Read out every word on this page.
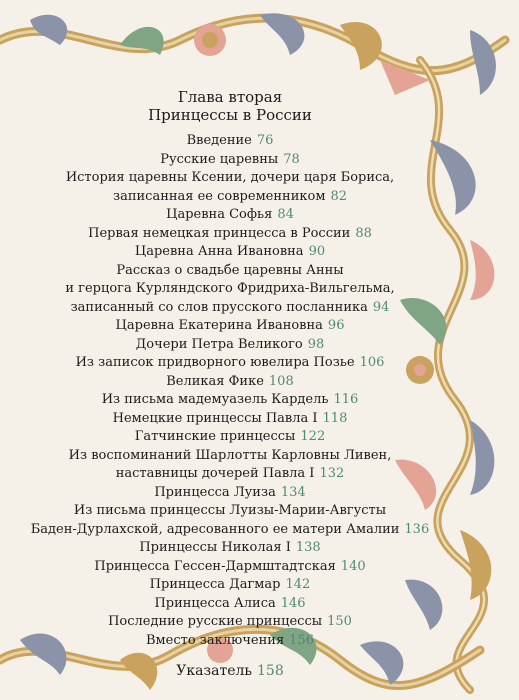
Глава вторая
Принцессы в России
Введение 76
Русские царевны 78
История царевны Ксении, дочери царя Бориса,
записанная ее современником 82
Царевна Софья 84
Первая немецкая принцесса в России 88
Царевна Анна Ивановна 90
Рассказ о свадьбе царевны Анны
и герцога Курляндского Фридриха-Вильгельма,
записанный со слов прусского посланника 94
Царевна Екатерина Ивановна 96
Дочери Петра Великого 98
Из записок придворного ювелира Позье 106
Великая Фике 108
Из письма мадемуазель Кардель 116
Немецкие принцессы Павла I 118
Гатчинские принцессы 122
Из воспоминаний Шарлотты Карловны Ливен,
наставницы дочерей Павла I 132
Принцесса Луиза 134
Из письма принцессы Луизы-Марии-Августы
Баден-Дурлахской, адресованного ее матери Амалии 136
Принцессы Николая I 138
Принцесса Гессен-Дармштадтская 140
Принцесса Дагмар 142
Принцесса Алиса 146
Последние русские принцессы 150
Вместо заключения 156
Указатель 158
